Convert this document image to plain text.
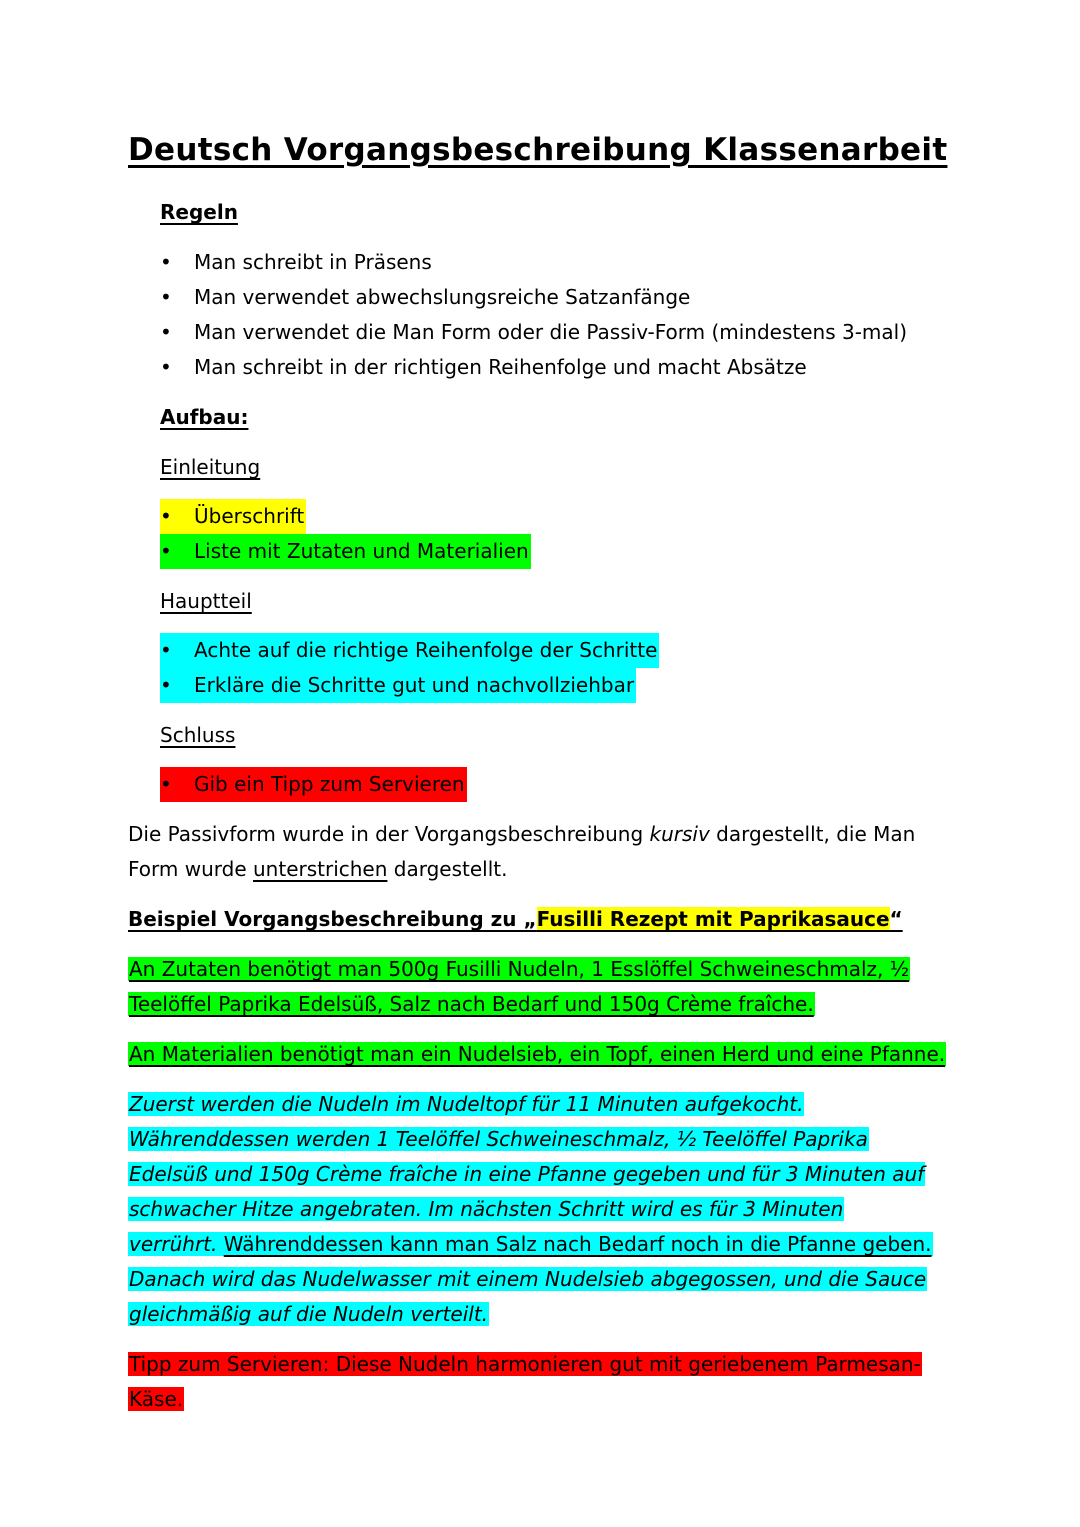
Deutsch Vorgangsbeschreibung Klassenarbeit

Regeln

•	Man schreibt in Präsens
•	Man verwendet abwechslungsreiche Satzanfänge
•	Man verwendet die Man Form oder die Passiv-Form (mindestens 3-mal)
•	Man schreibt in der richtigen Reihenfolge und macht Absätze

Aufbau:

Einleitung

• Überschrift
• Liste mit Zutaten und Materialien

Hauptteil

• Achte auf die richtige Reihenfolge der Schritte
• Erkläre die Schritte gut und nachvollziehbar

Schluss

• Gib ein Tipp zum Servieren

Die Passivform wurde in der Vorgangsbeschreibung kursiv dargestellt, die Man
Form wurde unterstrichen dargestellt.

Beispiel Vorgangsbeschreibung zu „Fusilli Rezept mit Paprikasauce“

An Zutaten benötigt man 500g Fusilli Nudeln, 1 Esslöffel Schweineschmalz, ½
Teelöffel Paprika Edelsüß, Salz nach Bedarf und 150g Crème fraîche.

An Materialien benötigt man ein Nudelsieb, ein Topf, einen Herd und eine Pfanne.

Zuerst werden die Nudeln im Nudeltopf für 11 Minuten aufgekocht.
Währenddessen werden 1 Teelöffel Schweineschmalz, ½ Teelöffel Paprika
Edelsüß und 150g Crème fraîche in eine Pfanne gegeben und für 3 Minuten auf
schwacher Hitze angebraten. Im nächsten Schritt wird es für 3 Minuten
verrührt. Währenddessen kann man Salz nach Bedarf noch in die Pfanne geben.
Danach wird das Nudelwasser mit einem Nudelsieb abgegossen, und die Sauce
gleichmäßig auf die Nudeln verteilt.

Tipp zum Servieren: Diese Nudeln harmonieren gut mit geriebenem Parmesan-
Käse.
